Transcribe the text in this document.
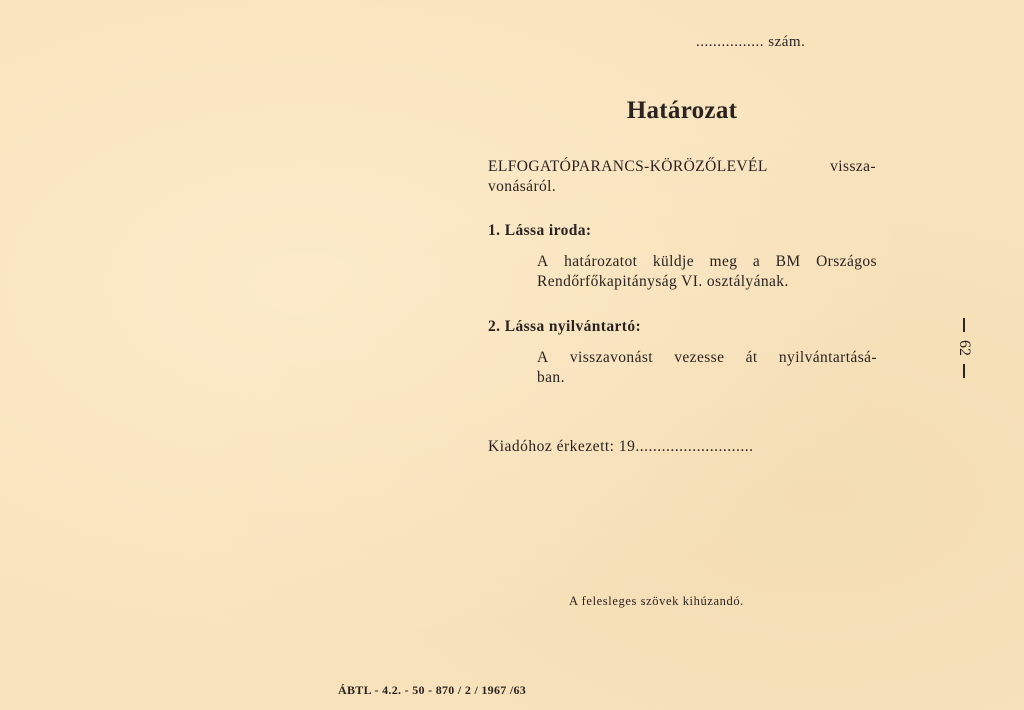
................ szám.
Határozat
ELFOGATÓPARANCS-KÖRÖZŐLEVÉL	vissza-
vonásáról.
1. Lássa iroda:
A határozatot küldje meg a BM Országos
Rendőrfőkapitányság VI. osztályának.
2. Lássa nyilvántartó:
A visszavonást vezesse át nyilvántartásá-
ban.
Kiadóhoz érkezett: 19...........................
A felesleges szövek kihúzandó.
ÁBTL - 4.2. - 50 - 870 / 2 / 1967 /63
62
